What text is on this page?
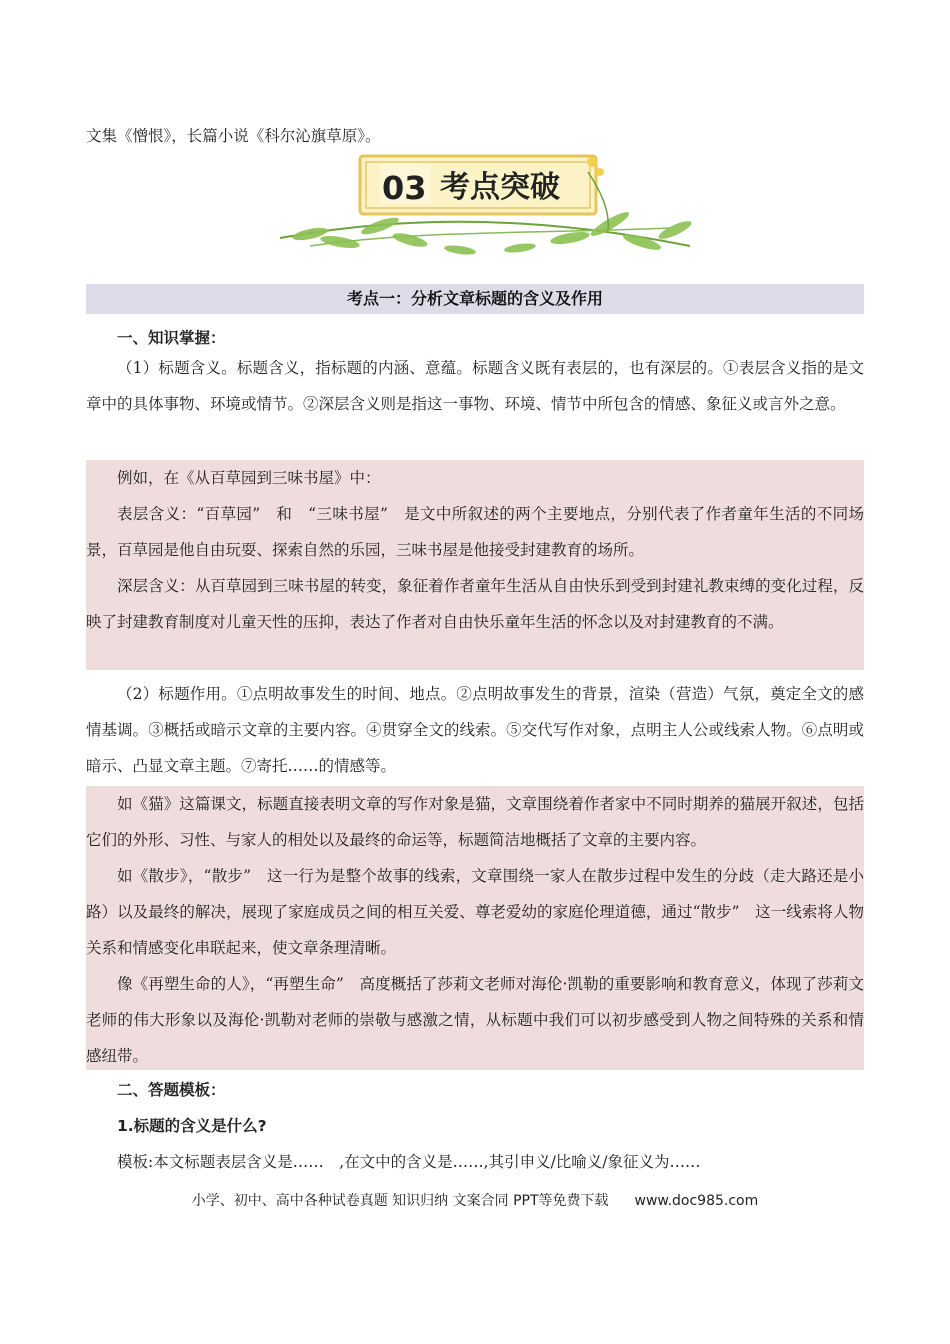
文集《憎恨》，长篇小说《科尔沁旗草原》。
03 考点突破
考点一：分析文章标题的含义及作用
一、知识掌握：
（1）标题含义。标题含义，指标题的内涵、意蕴。标题含义既有表层的，也有深层的。①表层含义指的是文章中的具体事物、环境或情节。②深层含义则是指这一事物、环境、情节中所包含的情感、象征义或言外之意。
例如，在《从百草园到三味书屋》中：
表层含义：“百草园”　和　“三味书屋”　是文中所叙述的两个主要地点，分别代表了作者童年生活的不同场景，百草园是他自由玩耍、探索自然的乐园，三味书屋是他接受封建教育的场所。
深层含义：从百草园到三味书屋的转变，象征着作者童年生活从自由快乐到受到封建礼教束缚的变化过程，反映了封建教育制度对儿童天性的压抑，表达了作者对自由快乐童年生活的怀念以及对封建教育的不满。
（2）标题作用。①点明故事发生的时间、地点。②点明故事发生的背景，渲染（营造）气氛，奠定全文的感情基调。③概括或暗示文章的主要内容。④贯穿全文的线索。⑤交代写作对象，点明主人公或线索人物。⑥点明或暗示、凸显文章主题。⑦寄托……的情感等。
如《猫》这篇课文，标题直接表明文章的写作对象是猫，文章围绕着作者家中不同时期养的猫展开叙述，包括它们的外形、习性、与家人的相处以及最终的命运等，标题简洁地概括了文章的主要内容。
如《散步》，“散步”　这一行为是整个故事的线索，文章围绕一家人在散步过程中发生的分歧（走大路还是小路）以及最终的解决，展现了家庭成员之间的相互关爱、尊老爱幼的家庭伦理道德，通过“散步”　这一线索将人物关系和情感变化串联起来，使文章条理清晰。
像《再塑生命的人》，“再塑生命”　高度概括了莎莉文老师对海伦·凯勒的重要影响和教育意义，体现了莎莉文老师的伟大形象以及海伦·凯勒对老师的崇敬与感激之情，从标题中我们可以初步感受到人物之间特殊的关系和情感纽带。
二、答题模板：
1.标题的含义是什么?
模板:本文标题表层含义是……　,在文中的含义是……,其引申义/比喻义/象征义为……
小学、初中、高中各种试卷真题 知识归纳 文案合同 PPT等免费下载 www.doc985.com
